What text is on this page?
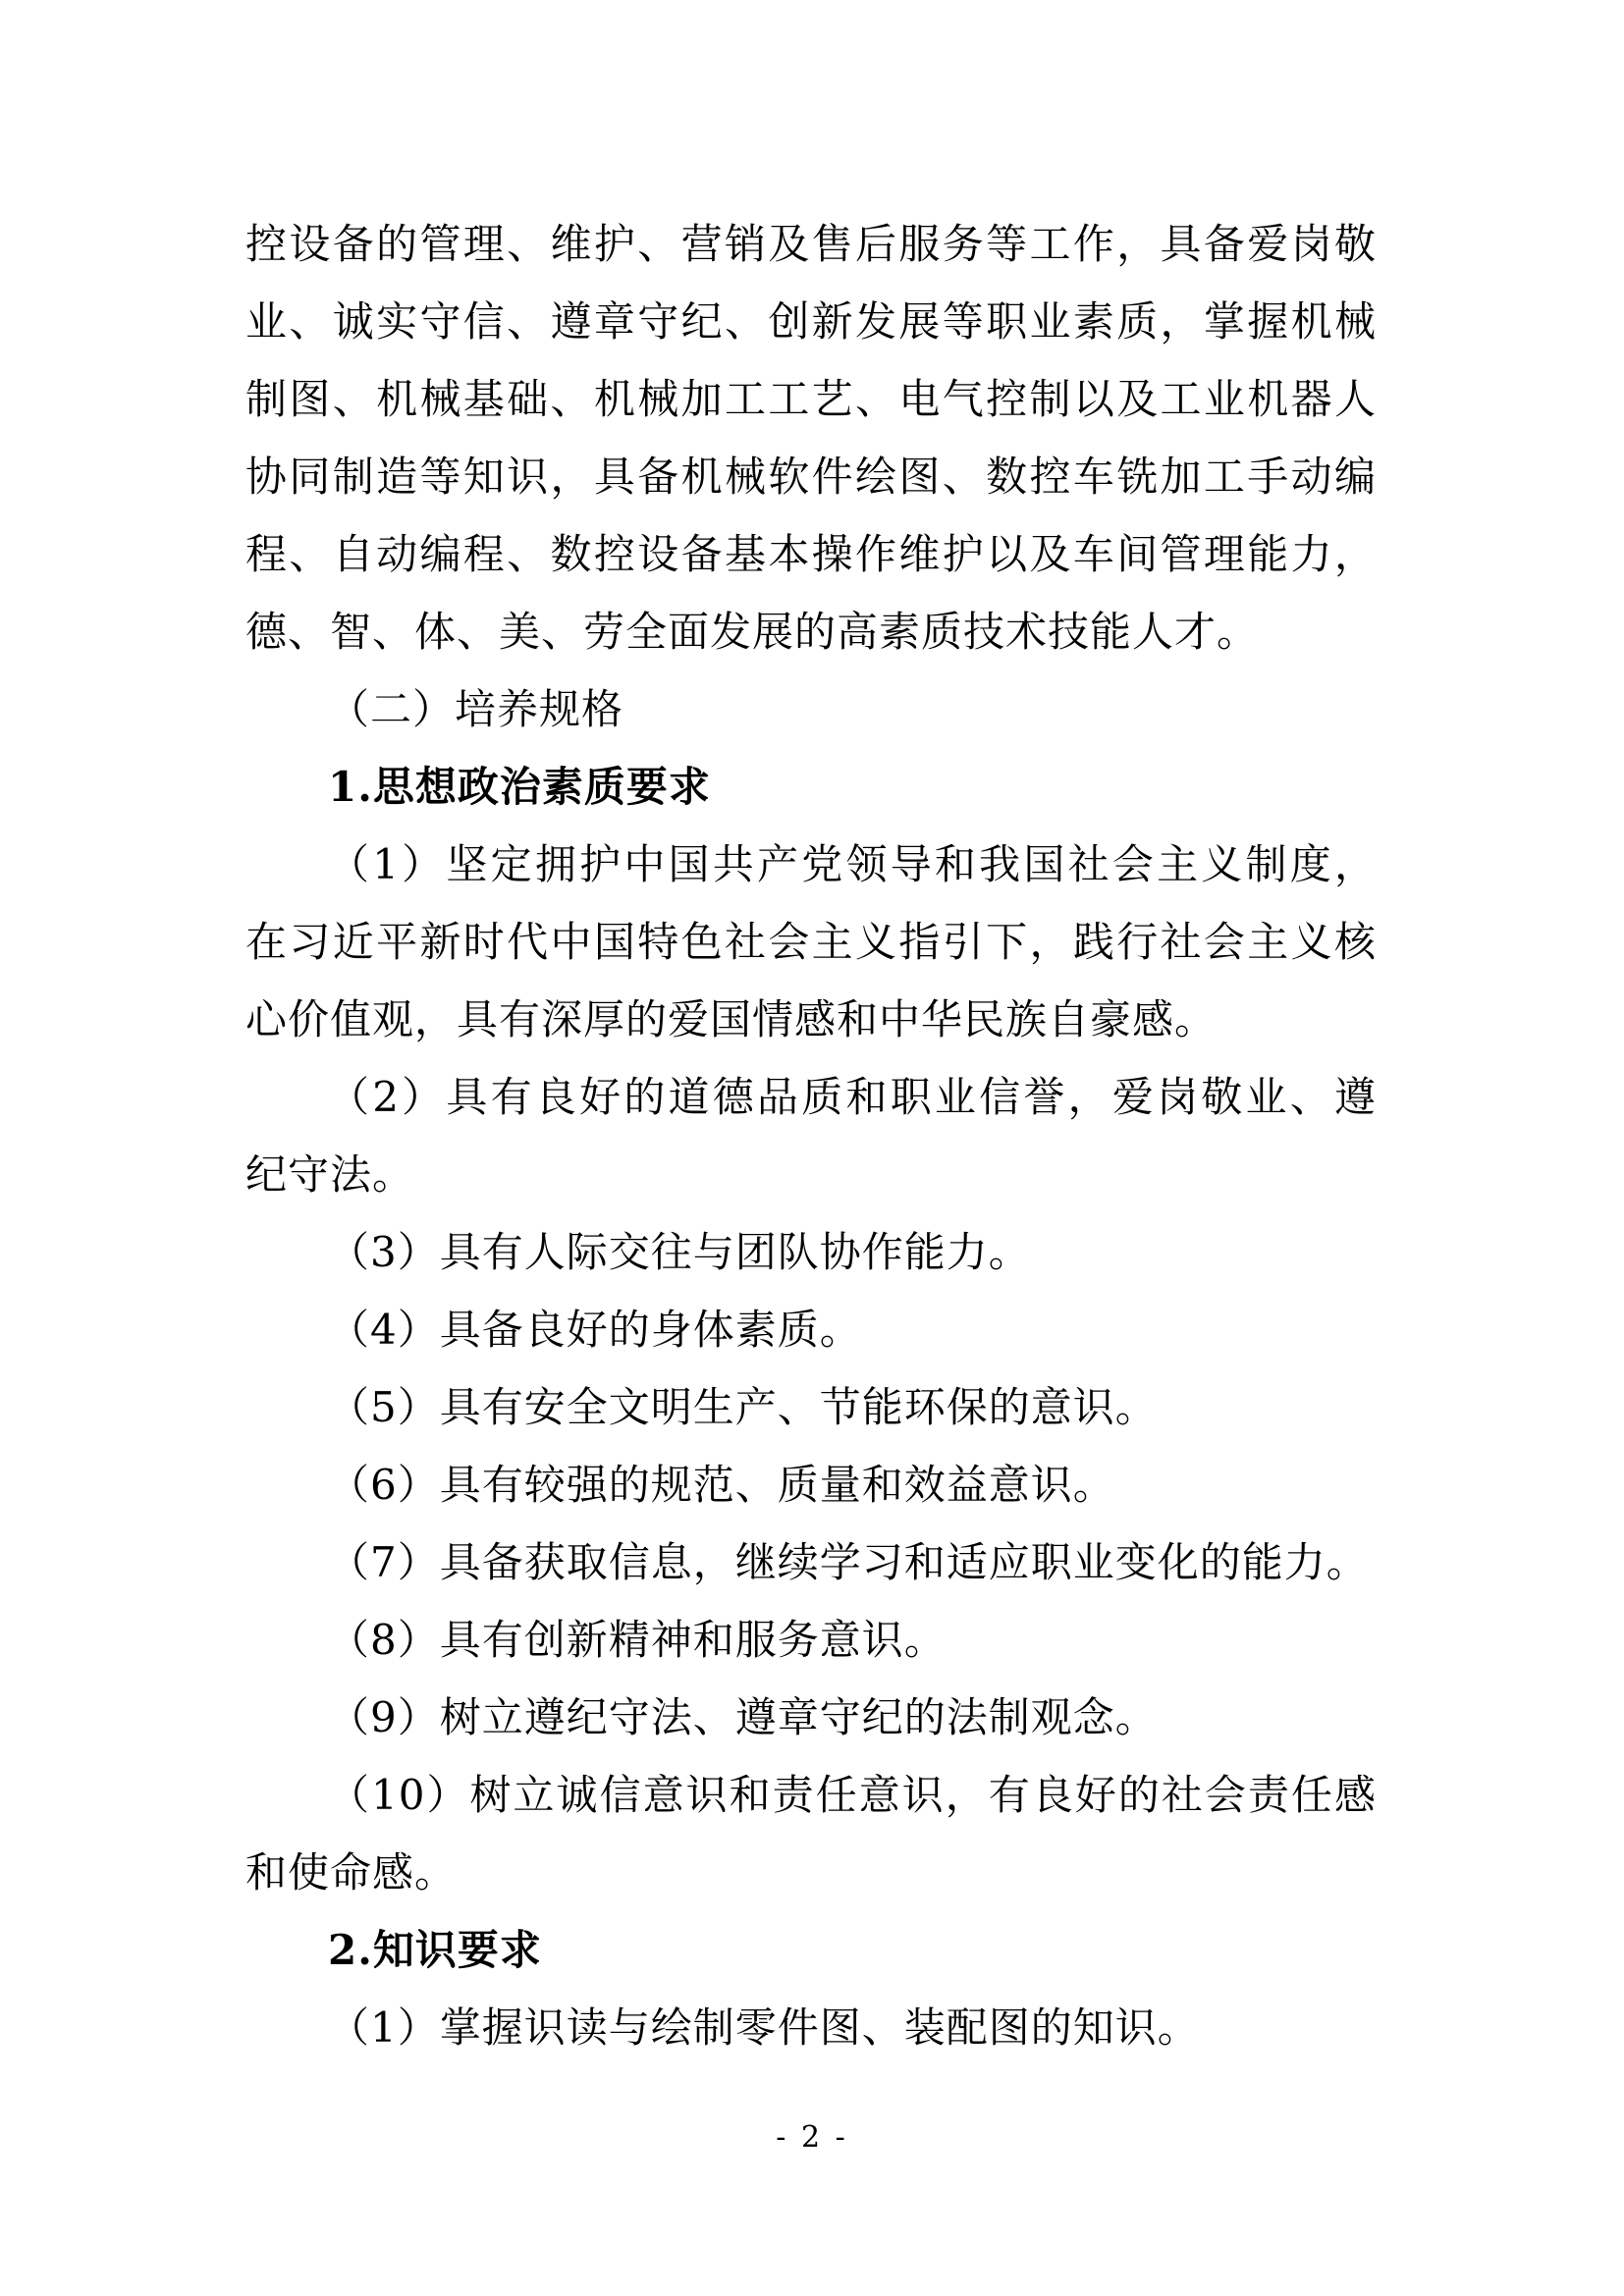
控设备的管理、维护、营销及售后服务等工作，具备爱岗敬
业、诚实守信、遵章守纪、创新发展等职业素质，掌握机械
制图、机械基础、机械加工工艺、电气控制以及工业机器人
协同制造等知识，具备机械软件绘图、数控车铣加工手动编
程、自动编程、数控设备基本操作维护以及车间管理能力，
德、智、体、美、劳全面发展的高素质技术技能人才。
（二）培养规格
1.思想政治素质要求
（1）坚定拥护中国共产党领导和我国社会主义制度，
在习近平新时代中国特色社会主义指引下，践行社会主义核
心价值观，具有深厚的爱国情感和中华民族自豪感。
（2）具有良好的道德品质和职业信誉，爱岗敬业、遵
纪守法。
（3）具有人际交往与团队协作能力。
（4）具备良好的身体素质。
（5）具有安全文明生产、节能环保的意识。
（6）具有较强的规范、质量和效益意识。
（7）具备获取信息，继续学习和适应职业变化的能力。
（8）具有创新精神和服务意识。
（9）树立遵纪守法、遵章守纪的法制观念。
（10）树立诚信意识和责任意识，有良好的社会责任感
和使命感。
2.知识要求
（1）掌握识读与绘制零件图、装配图的知识。
- 2 -
